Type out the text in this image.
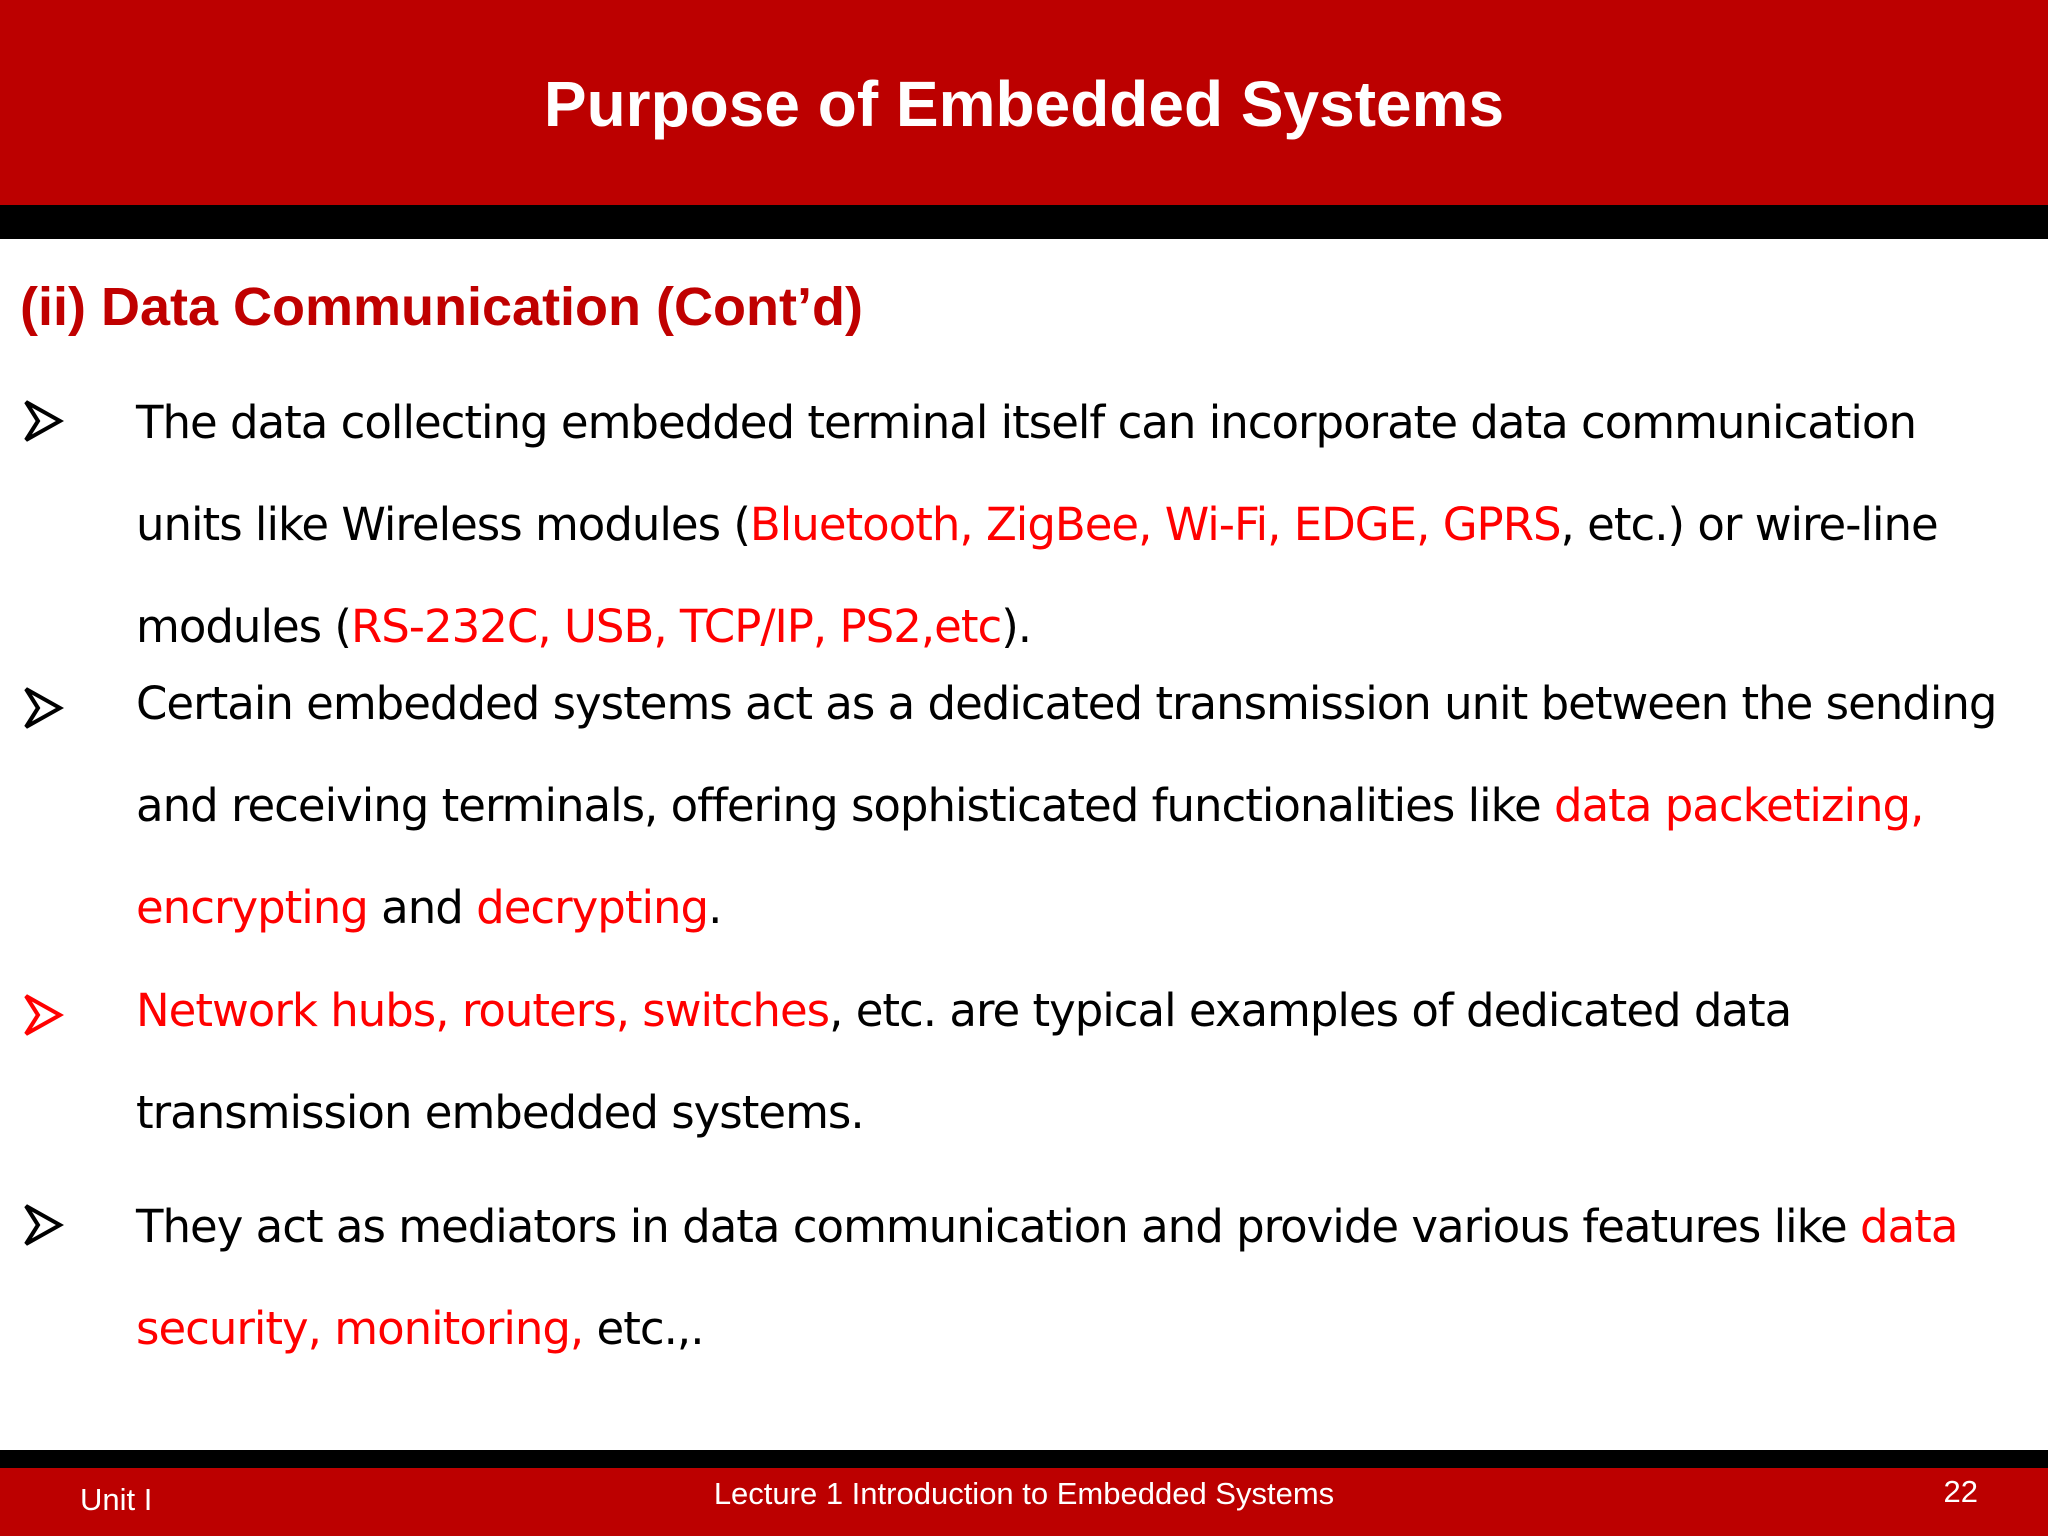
Purpose of Embedded Systems
(ii) Data Communication (Cont’d)
The data collecting embedded terminal itself can incorporate data communication units like Wireless modules (Bluetooth, ZigBee, Wi-Fi, EDGE, GPRS, etc.) or wire-line modules (RS-232C, USB, TCP/IP, PS2,etc).
Certain embedded systems act as a dedicated transmission unit between the sending and receiving terminals, offering sophisticated functionalities like data packetizing, encrypting and decrypting.
Network hubs, routers, switches, etc. are typical examples of dedicated data transmission embedded systems.
They act as mediators in data communication and provide various features like data security, monitoring, etc.,.
Unit I	Lecture 1 Introduction to Embedded Systems	22
